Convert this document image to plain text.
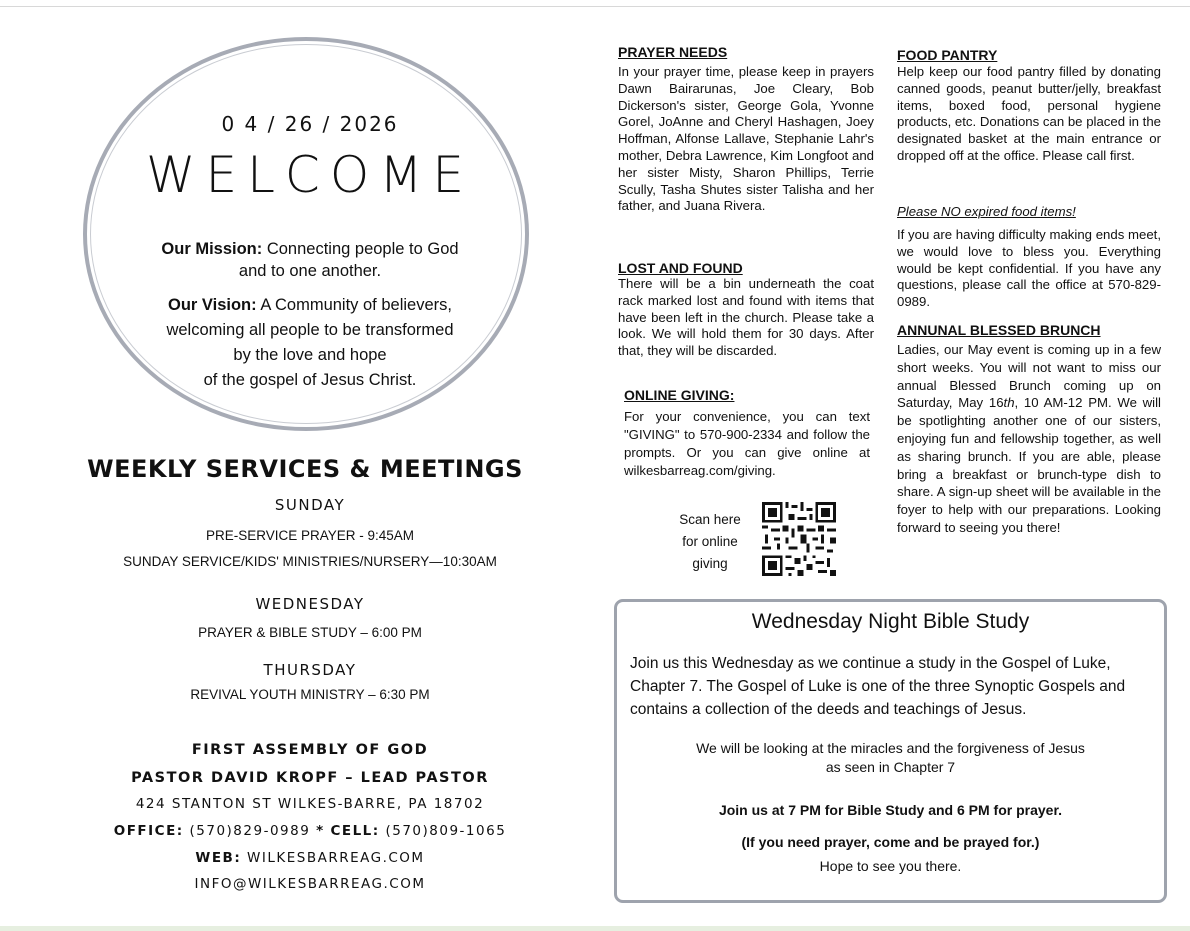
0 4 / 26 / 2026
WELCOME
Our Mission: Connecting people to God
and to one another.
Our Vision: A Community of believers,
welcoming all people to be transformed
by the love and hope
of the gospel of Jesus Christ.
WEEKLY SERVICES & MEETINGS
SUNDAY
PRE-SERVICE PRAYER - 9:45AM
SUNDAY SERVICE/KIDS' MINISTRIES/NURSERY—10:30AM
WEDNESDAY
PRAYER & BIBLE STUDY – 6:00 PM
THURSDAY
REVIVAL YOUTH MINISTRY – 6:30 PM
FIRST ASSEMBLY OF GOD
PASTOR DAVID KROPF – LEAD PASTOR
424 STANTON ST WILKES-BARRE, PA 18702
OFFICE: (570)829-0989 * CELL: (570)809-1065
WEB: WILKESBARREAG.COM
INFO@WILKESBARREAG.COM
PRAYER NEEDS
In your prayer time, please keep in prayers Dawn Bairarunas, Joe Cleary, Bob Dickerson's sister, George Gola, Yvonne Gorel, JoAnne and Cheryl Hashagen, Joey Hoffman, Alfonse Lallave, Stephanie Lahr's mother, Debra Lawrence, Kim Longfoot and her sister Misty, Sharon Phillips, Terrie Scully, Tasha Shutes sister Talisha and her father, and Juana Rivera.
LOST AND FOUND
There will be a bin underneath the coat rack marked lost and found with items that have been left in the church. Please take a look. We will hold them for 30 days. After that, they will be discarded.
ONLINE GIVING:
For your convenience, you can text "GIVING" to 570-900-2334 and follow the prompts. Or you can give online at wilkesbarreag.com/giving.
Scan here
for online
giving
FOOD PANTRY
Help keep our food pantry filled by donating canned goods, peanut butter/jelly, breakfast items, boxed food, personal hygiene products, etc. Donations can be placed in the designated basket at the main entrance or dropped off at the office. Please call first.
Please NO expired food items!
If you are having difficulty making ends meet, we would love to bless you. Everything would be kept confidential. If you have any questions, please call the office at 570-829-0989.
ANNUNAL BLESSED BRUNCH
Ladies, our May event is coming up in a few short weeks. You will not want to miss our annual Blessed Brunch coming up on Saturday, May 16th, 10 AM-12 PM. We will be spotlighting another one of our sisters, enjoying fun and fellowship together, as well as sharing brunch. If you are able, please bring a breakfast or brunch-type dish to share. A sign-up sheet will be available in the foyer to help with our preparations. Looking forward to seeing you there!
Wednesday Night Bible Study
Join us this Wednesday as we continue a study in the Gospel of Luke, Chapter 7. The Gospel of Luke is one of the three Synoptic Gospels and contains a collection of the deeds and teachings of Jesus.
We will be looking at the miracles and the forgiveness of Jesus
as seen in Chapter 7
Join us at 7 PM for Bible Study and 6 PM for prayer.
(If you need prayer, come and be prayed for.)
Hope to see you there.
